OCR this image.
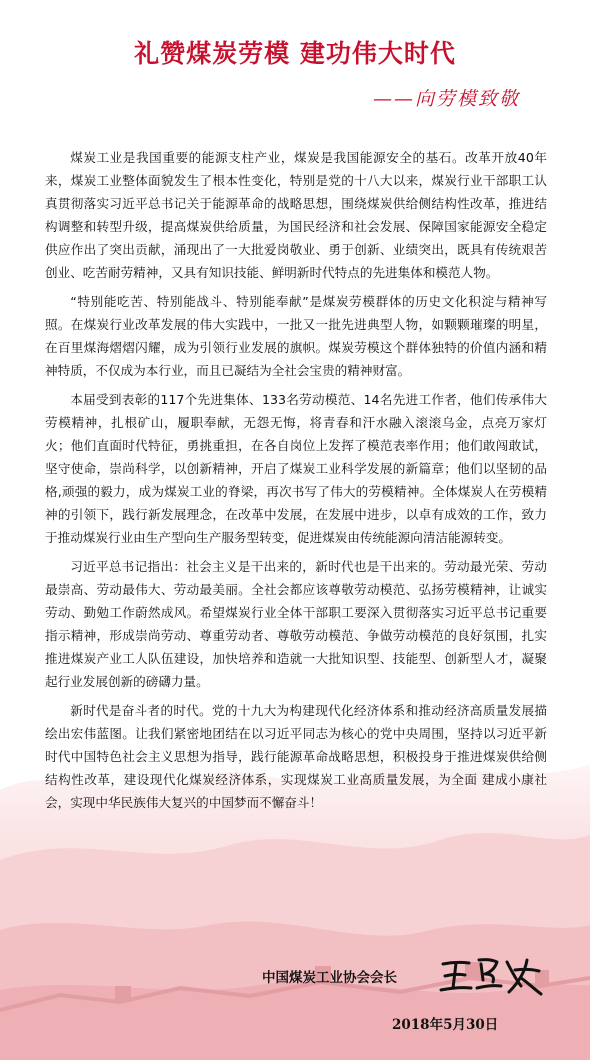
礼赞煤炭劳模 建功伟大时代
——向劳模致敬

煤炭工业是我国重要的能源支柱产业，煤炭是我国能源安全的基石。改革开放40年来，煤炭工业整体面貌发生了根本性变化，特别是党的十八大以来，煤炭行业干部职工认真贯彻落实习近平总书记关于能源革命的战略思想，围绕煤炭供给侧结构性改革，推进结构调整和转型升级，提高煤炭供给质量，为国民经济和社会发展、保障国家能源安全稳定供应作出了突出贡献，涌现出了一大批爱岗敬业、勇于创新、业绩突出，既具有传统艰苦创业、吃苦耐劳精神，又具有知识技能、鲜明新时代特点的先进集体和模范人物。

“特别能吃苦、特别能战斗、特别能奉献”是煤炭劳模群体的历史文化积淀与精神写照。在煤炭行业改革发展的伟大实践中，一批又一批先进典型人物，如颗颗璀璨的明星，在百里煤海熠熠闪耀，成为引领行业发展的旗帜。煤炭劳模这个群体独特的价值内涵和精神特质，不仅成为本行业，而且已凝结为全社会宝贵的精神财富。

本届受到表彰的117个先进集体、133名劳动模范、14名先进工作者，他们传承伟大劳模精神，扎根矿山，履职奉献，无怨无悔，将青春和汗水融入滚滚乌金，点亮万家灯火；他们直面时代特征，勇挑重担，在各自岗位上发挥了模范表率作用；他们敢闯敢试，坚守使命，崇尚科学，以创新精神，开启了煤炭工业科学发展的新篇章；他们以坚韧的品格,顽强的毅力，成为煤炭工业的脊梁，再次书写了伟大的劳模精神。全体煤炭人在劳模精神的引领下，践行新发展理念，在改革中发展，在发展中进步，以卓有成效的工作，致力于推动煤炭行业由生产型向生产服务型转变，促进煤炭由传统能源向清洁能源转变。

习近平总书记指出：社会主义是干出来的，新时代也是干出来的。劳动最光荣、劳动最崇高、劳动最伟大、劳动最美丽。全社会都应该尊敬劳动模范、弘扬劳模精神，让诚实劳动、勤勉工作蔚然成风。希望煤炭行业全体干部职工要深入贯彻落实习近平总书记重要指示精神，形成崇尚劳动、尊重劳动者、尊敬劳动模范、争做劳动模范的良好氛围，扎实推进煤炭产业工人队伍建设，加快培养和造就一大批知识型、技能型、创新型人才，凝聚起行业发展创新的磅礴力量。

新时代是奋斗者的时代。党的十九大为构建现代化经济体系和推动经济高质量发展描绘出宏伟蓝图。让我们紧密地团结在以习近平同志为核心的党中央周围，坚持以习近平新时代中国特色社会主义思想为指导，践行能源革命战略思想，积极投身于推进煤炭供给侧结构性改革，建设现代化煤炭经济体系，实现煤炭工业高质量发展，为全面 建成小康社会，实现中华民族伟大复兴的中国梦而不懈奋斗！

中国煤炭工业协会会长
2018年5月30日
